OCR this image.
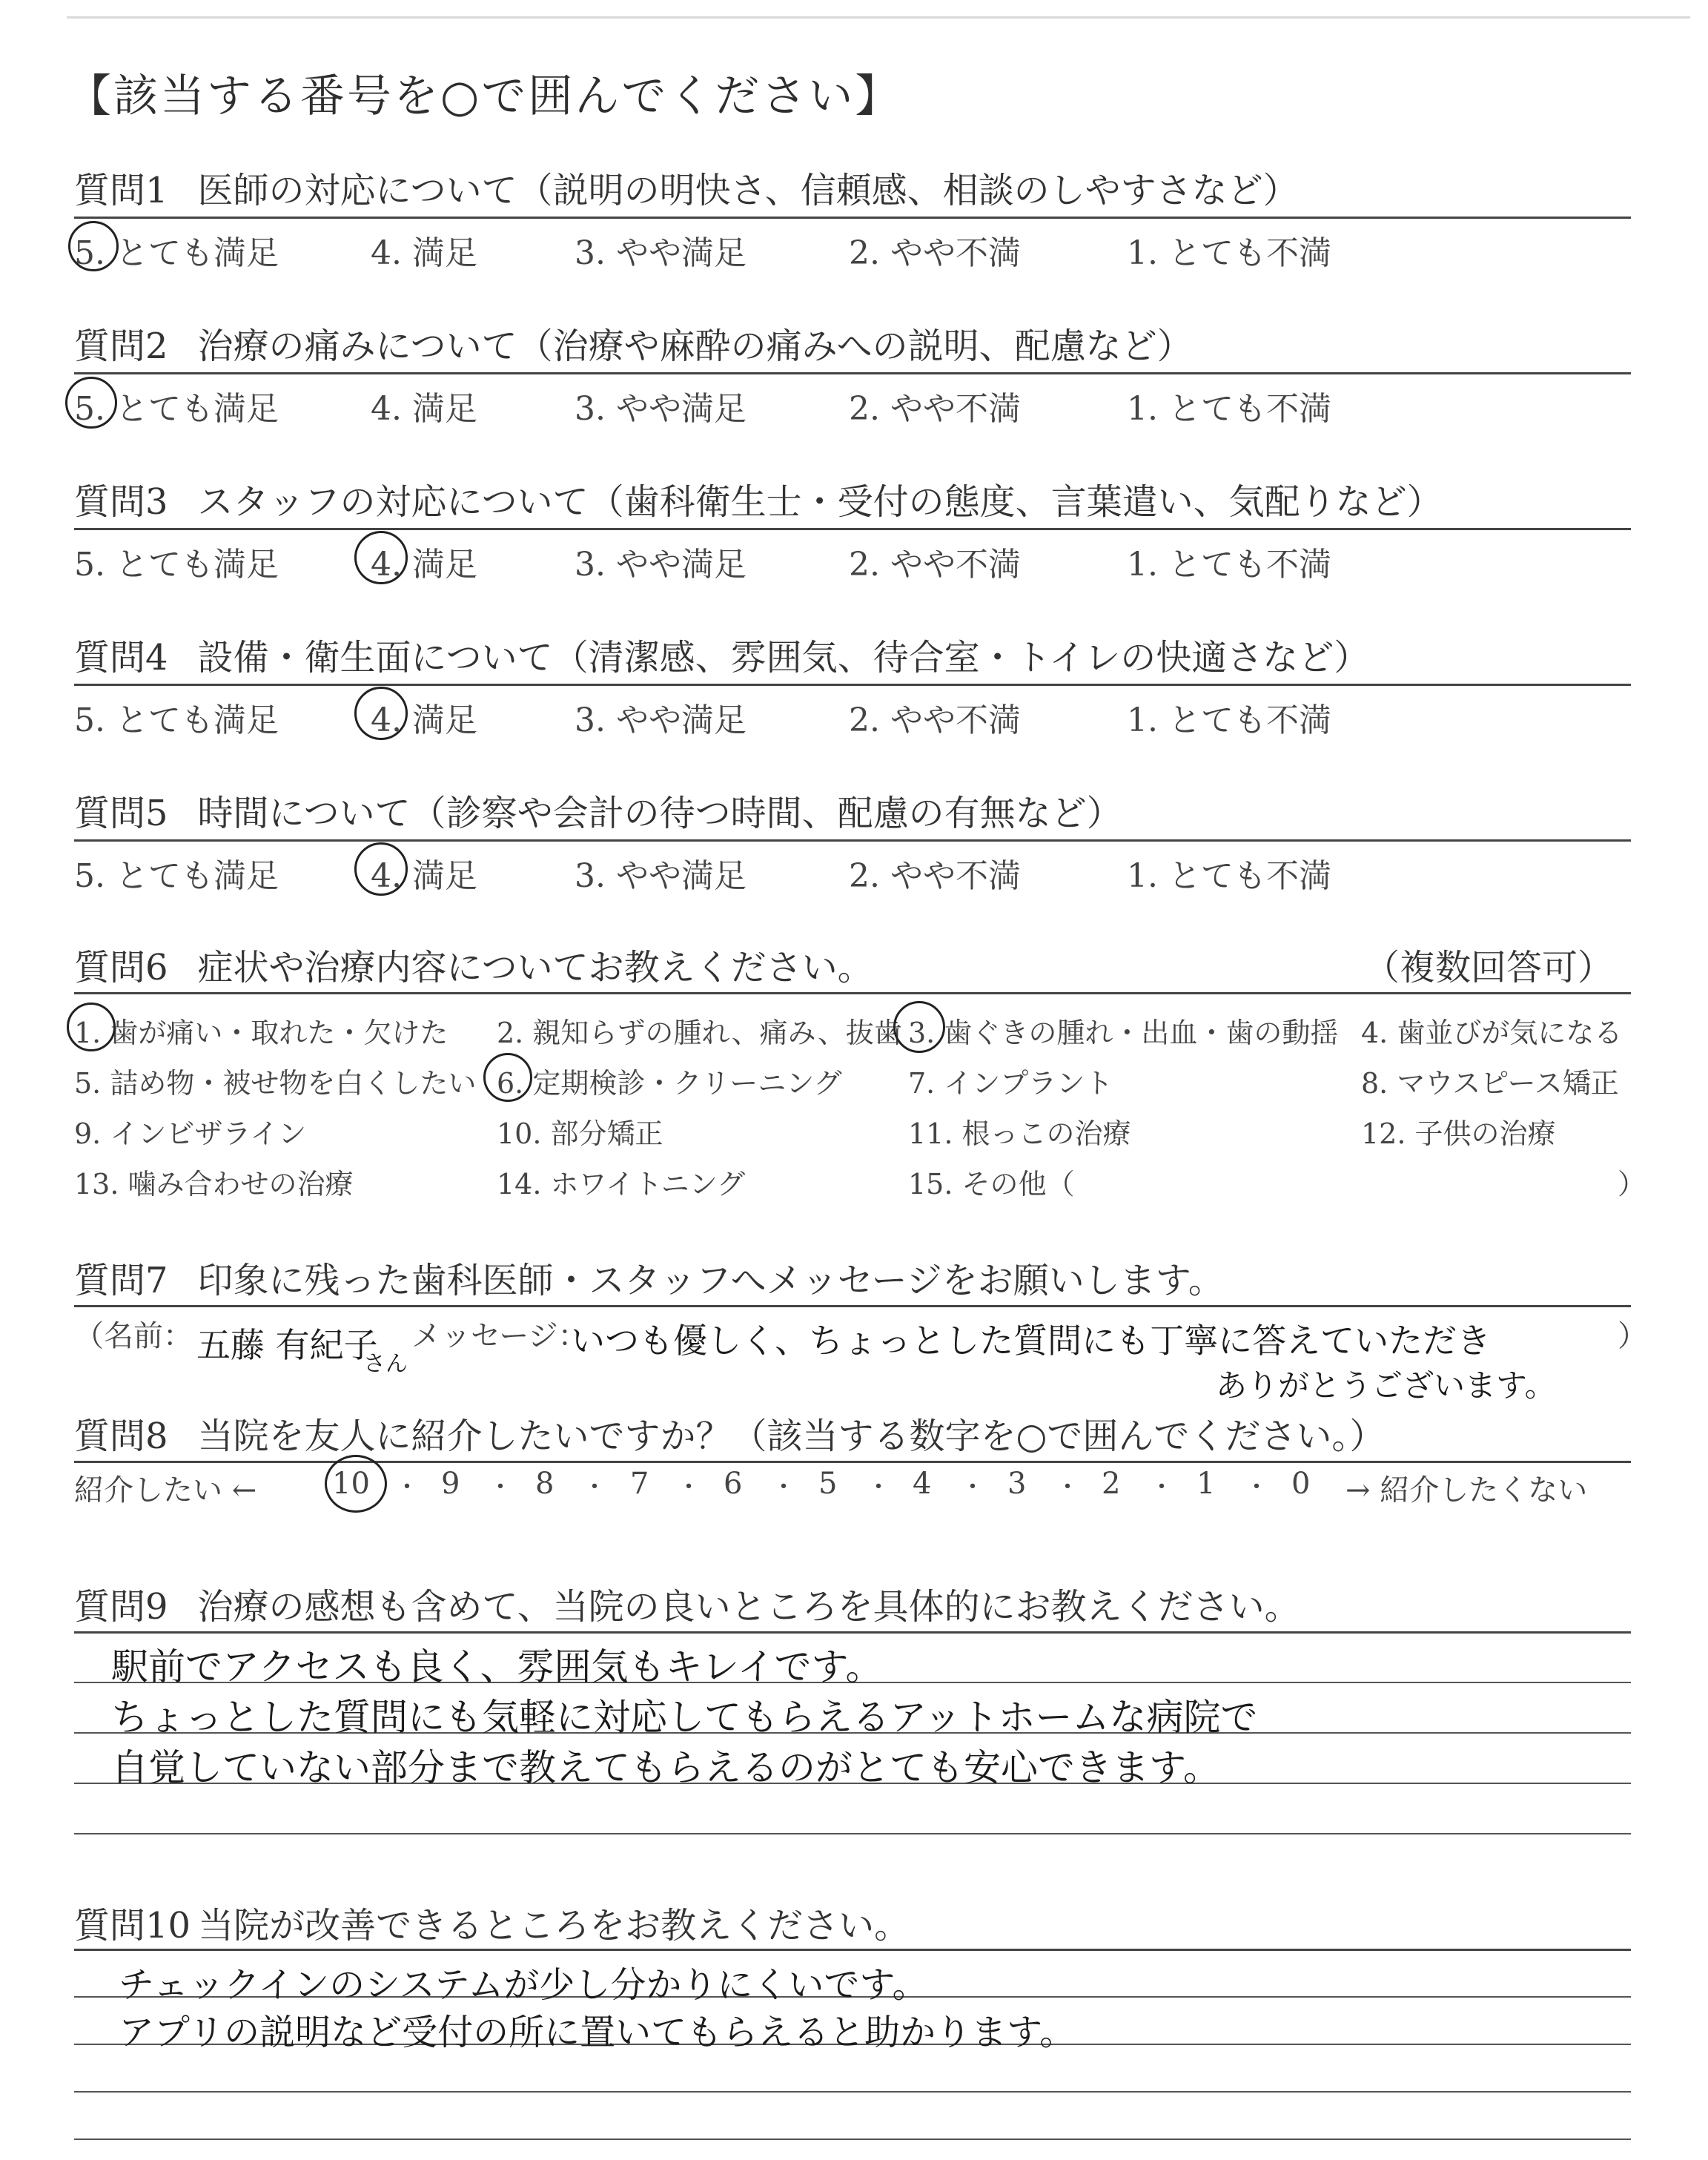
【該当する番号を○で囲んでください】
質問1 医師の対応について（説明の明快さ、信頼感、相談のしやすさなど）
5. とても満足	4. 満足	3. やや満足	2. やや不満	1. とても不満
質問2 治療の痛みについて（治療や麻酔の痛みへの説明、配慮など）
5. とても満足	4. 満足	3. やや満足	2. やや不満	1. とても不満
質問3 スタッフの対応について（歯科衛生士・受付の態度、言葉遣い、気配りなど）
5. とても満足	4. 満足	3. やや満足	2. やや不満	1. とても不満
質問4 設備・衛生面について（清潔感、雰囲気、待合室・トイレの快適さなど）
5. とても満足	4. 満足	3. やや満足	2. やや不満	1. とても不満
質問5 時間について（診察や会計の待つ時間、配慮の有無など）
5. とても満足	4. 満足	3. やや満足	2. やや不満	1. とても不満
質問6 症状や治療内容についてお教えください。	（複数回答可）
1. 歯が痛い・取れた・欠けた 2. 親知らずの腫れ、痛み、抜歯 3. 歯ぐきの腫れ・出血・歯の動揺 4. 歯並びが気になる
5. 詰め物・被せ物を白くしたい 6. 定期検診・クリーニング 7. インプラント	8. マウスピース矯正
9. インビザライン	10. 部分矯正	11. 根っこの治療	12. 子供の治療
13. 噛み合わせの治療	14. ホワイトニング	15. その他（	）
質問7 印象に残った歯科医師・スタッフへメッセージをお願いします。
（名前： 五藤 有紀子
さん
メッセージ：
いつも優しく、ちょっとした質問にも丁寧に答えていただき
ありがとうございます。
）
質問8 当院を友人に紹介したいですか？（該当する数字を○で囲んでください。）
紹介したい ←	10 ・ 9 ・ 8 ・ 7 ・ 6 ・ 5 ・ 4 ・ 3 ・ 2 ・ 1 ・ 0 → 紹介したくない
質問9 治療の感想も含めて、当院の良いところを具体的にお教えください。
駅前でアクセスも良く、雰囲気もキレイです。
ちょっとした質問にも気軽に対応してもらえるアットホームな病院で
自覚していない部分まで教えてもらえるのがとても安心できます。
質問10 当院が改善できるところをお教えください。
チェックインのシステムが少し分かりにくいです。
アプリの説明など受付の所に置いてもらえると助かります。
